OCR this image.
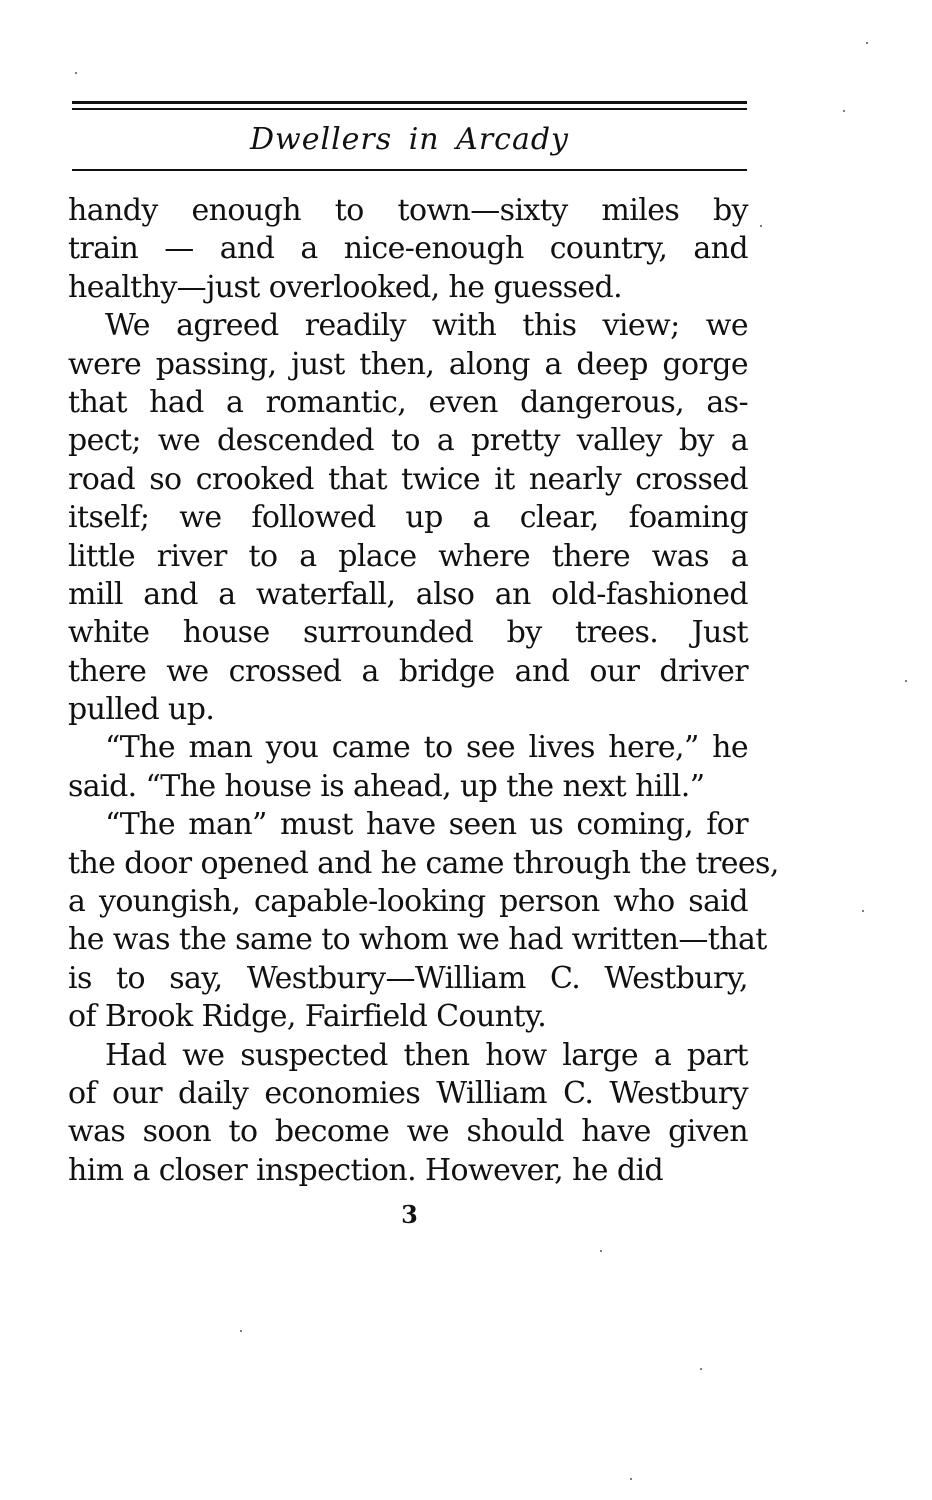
Dwellers in Arcady
handy enough to town—sixty miles by
train — and a nice-enough country, and
healthy—just overlooked, he guessed.
We agreed readily with this view; we
were passing, just then, along a deep gorge
that had a romantic, even dangerous, as-
pect; we descended to a pretty valley by a
road so crooked that twice it nearly crossed
itself; we followed up a clear, foaming
little river to a place where there was a
mill and a waterfall, also an old-fashioned
white house surrounded by trees. Just
there we crossed a bridge and our driver
pulled up.
“The man you came to see lives here,” he
said. “The house is ahead, up the next hill.”
“The man” must have seen us coming, for
the door opened and he came through the trees,
a youngish, capable-looking person who said
he was the same to whom we had written—that
is to say, Westbury—William C. Westbury,
of Brook Ridge, Fairfield County.
Had we suspected then how large a part
of our daily economies William C. Westbury
was soon to become we should have given
him a closer inspection. However, he did
3
